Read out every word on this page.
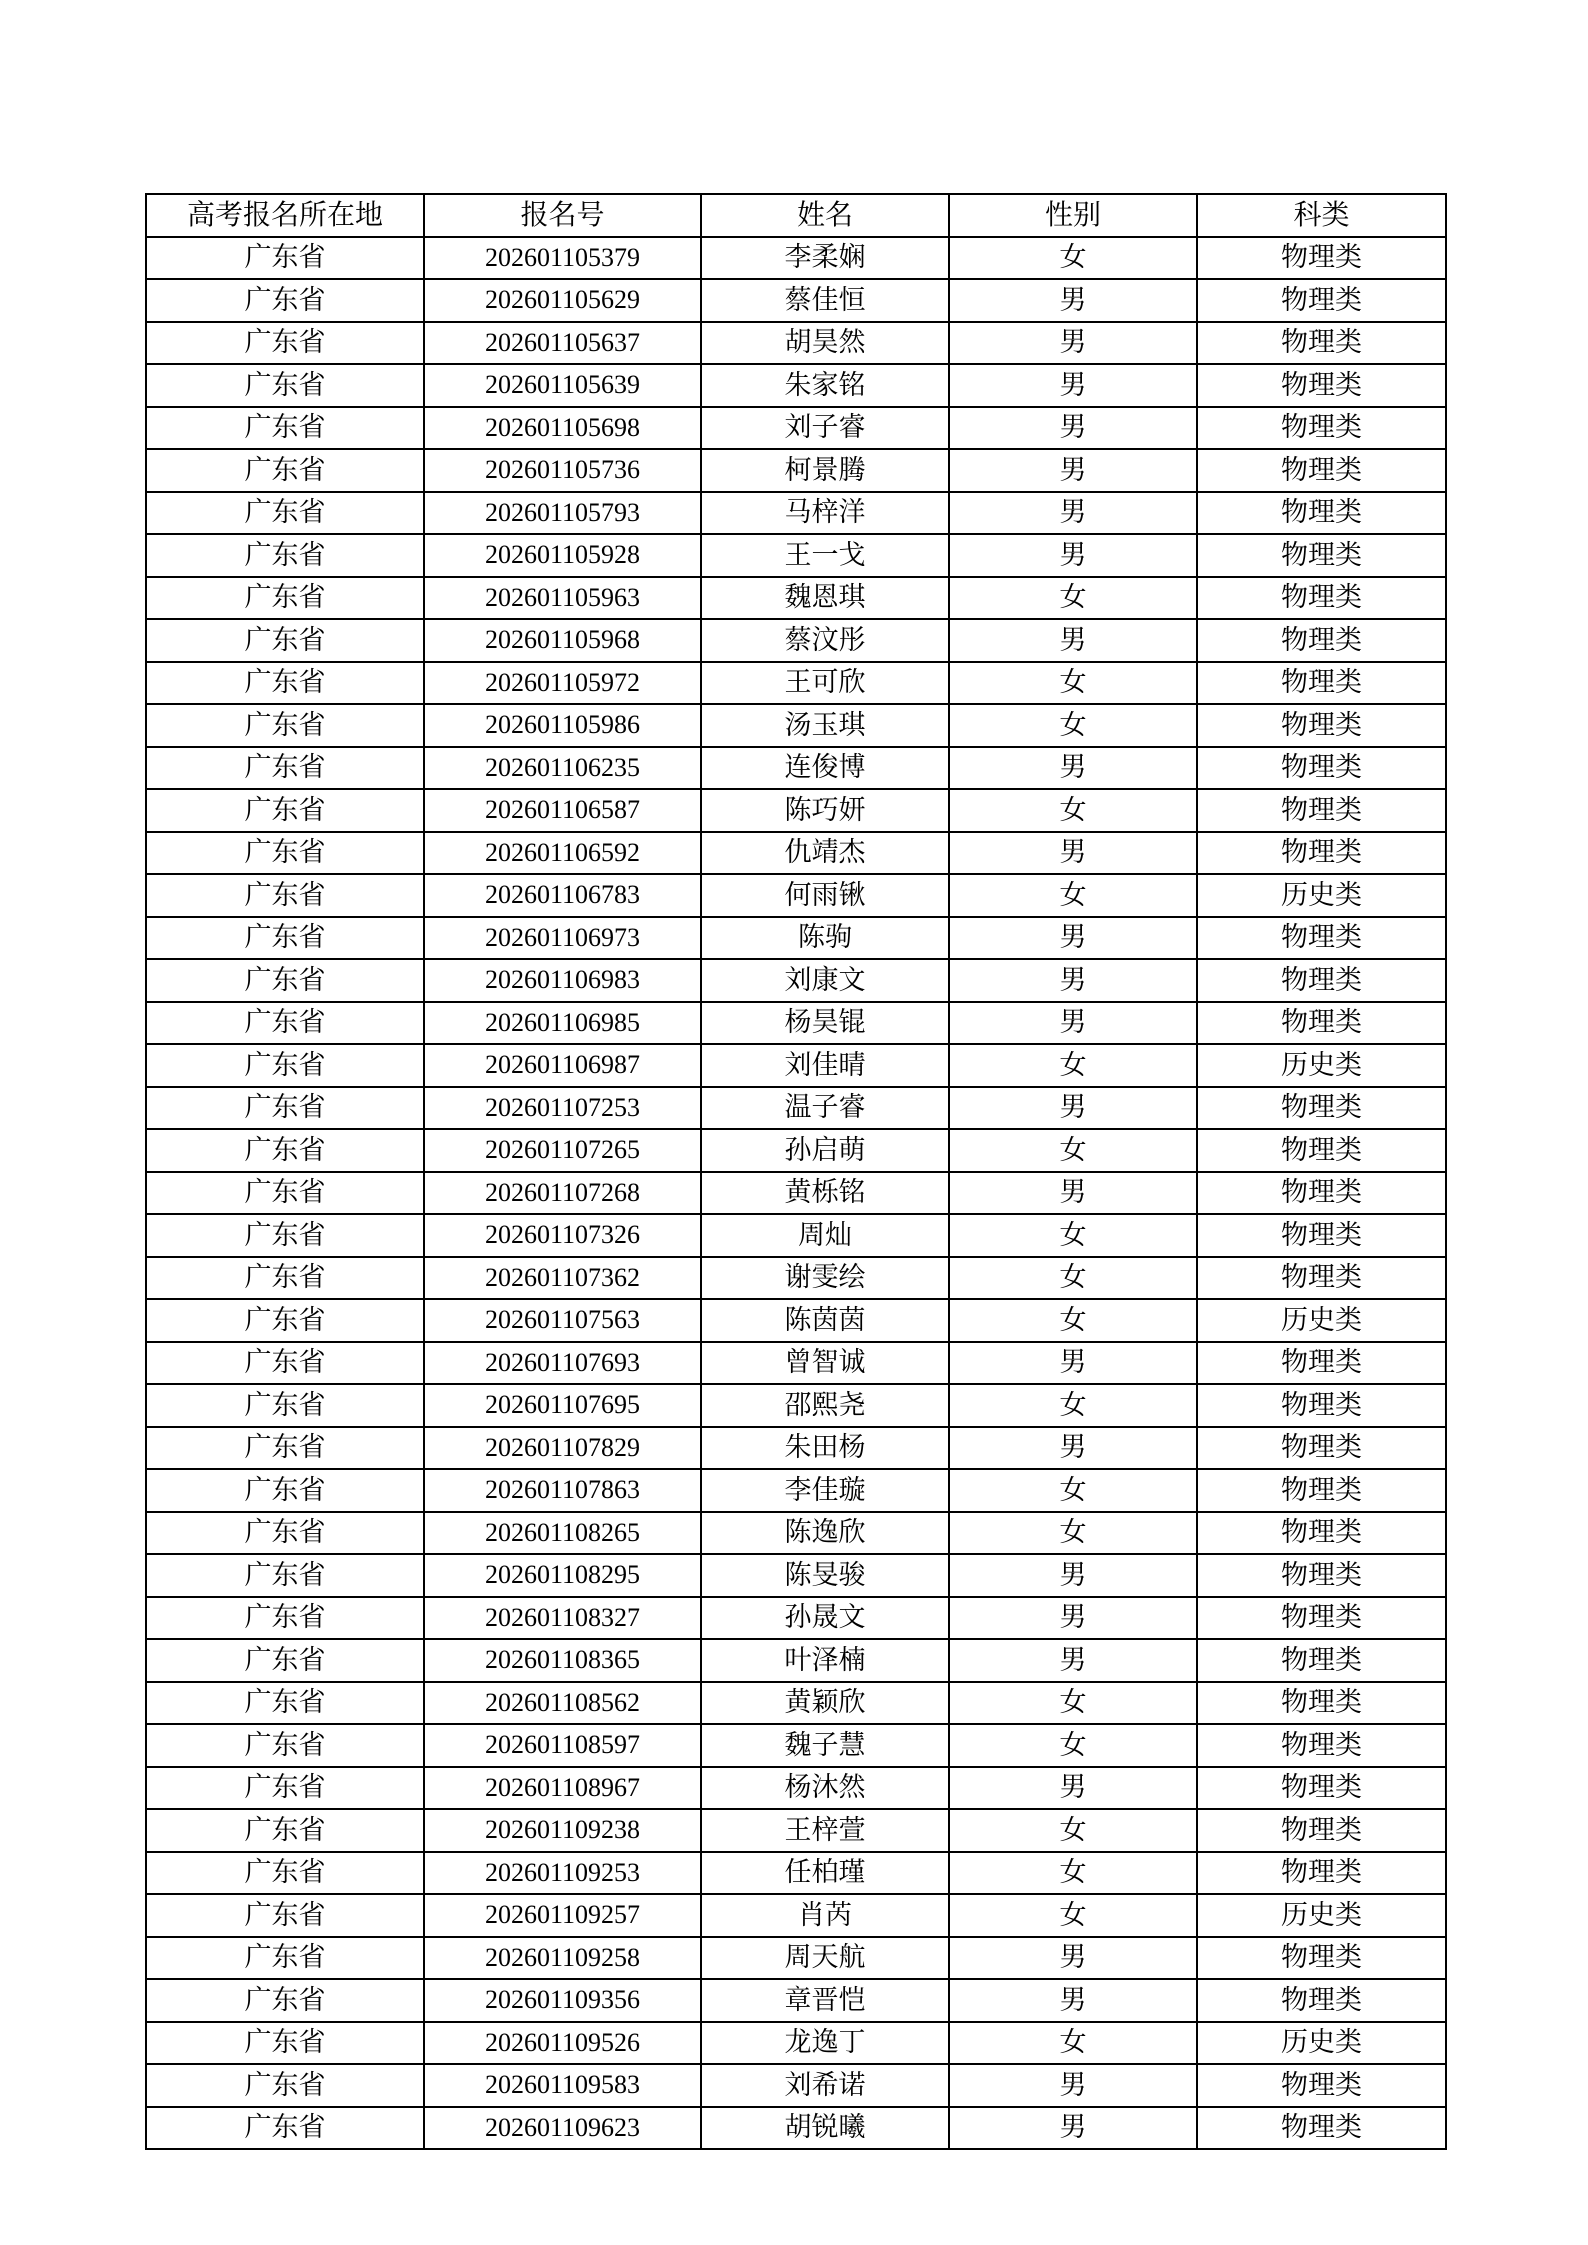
高考报名所在地	报名号	姓名	性别	科类
广东省	202601105379	李柔娴	女	物理类
广东省	202601105629	蔡佳恒	男	物理类
广东省	202601105637	胡昊然	男	物理类
广东省	202601105639	朱家铭	男	物理类
广东省	202601105698	刘子睿	男	物理类
广东省	202601105736	柯景腾	男	物理类
广东省	202601105793	马梓洋	男	物理类
广东省	202601105928	王一戈	男	物理类
广东省	202601105963	魏恩琪	女	物理类
广东省	202601105968	蔡汶彤	男	物理类
广东省	202601105972	王可欣	女	物理类
广东省	202601105986	汤玉琪	女	物理类
广东省	202601106235	连俊博	男	物理类
广东省	202601106587	陈巧妍	女	物理类
广东省	202601106592	仇靖杰	男	物理类
广东省	202601106783	何雨锹	女	历史类
广东省	202601106973	陈驹	男	物理类
广东省	202601106983	刘康文	男	物理类
广东省	202601106985	杨昊锟	男	物理类
广东省	202601106987	刘佳晴	女	历史类
广东省	202601107253	温子睿	男	物理类
广东省	202601107265	孙启萌	女	物理类
广东省	202601107268	黄栎铭	男	物理类
广东省	202601107326	周灿	女	物理类
广东省	202601107362	谢雯绘	女	物理类
广东省	202601107563	陈茵茵	女	历史类
广东省	202601107693	曾智诚	男	物理类
广东省	202601107695	邵熙尧	女	物理类
广东省	202601107829	朱田杨	男	物理类
广东省	202601107863	李佳璇	女	物理类
广东省	202601108265	陈逸欣	女	物理类
广东省	202601108295	陈旻骏	男	物理类
广东省	202601108327	孙晟文	男	物理类
广东省	202601108365	叶泽楠	男	物理类
广东省	202601108562	黄颖欣	女	物理类
广东省	202601108597	魏子慧	女	物理类
广东省	202601108967	杨沐然	男	物理类
广东省	202601109238	王梓萱	女	物理类
广东省	202601109253	任柏瑾	女	物理类
广东省	202601109257	肖芮	女	历史类
广东省	202601109258	周天航	男	物理类
广东省	202601109356	章晋恺	男	物理类
广东省	202601109526	龙逸丁	女	历史类
广东省	202601109583	刘希诺	男	物理类
广东省	202601109623	胡锐曦	男	物理类
